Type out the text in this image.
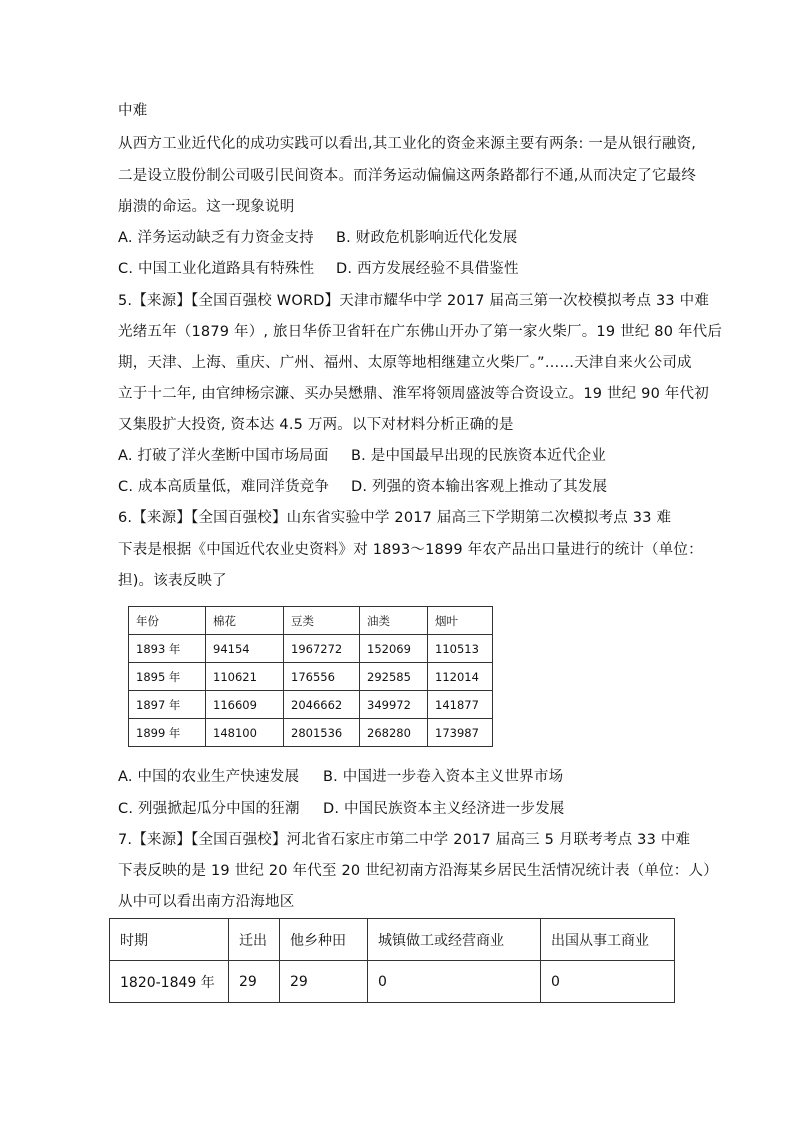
中难
从西方工业近代化的成功实践可以看出,其工业化的资金来源主要有两条: 一是从银行融资,
二是设立股份制公司吸引民间资本。而洋务运动偏偏这两条路都行不通,从而决定了它最终
崩溃的命运。这一现象说明
A. 洋务运动缺乏有力资金支持	B. 财政危机影响近代化发展
C. 中国工业化道路具有特殊性	D. 西方发展经验不具借鉴性
5.【来源】【全国百强校 WORD】天津市耀华中学 2017 届高三第一次校模拟考点 33 中难
光绪五年（1879 年）, 旅日华侨卫省轩在广东佛山开办了第一家火柴厂。19 世纪 80 年代后
期，天津、上海、重庆、广州、福州、太原等地相继建立火柴厂。”……天津自来火公司成
立于十二年, 由官绅杨宗濂、买办吴懋鼎、淮军将领周盛波等合资设立。19 世纪 90 年代初
又集股扩大投资, 资本达 4.5 万两。以下对材料分析正确的是
A. 打破了洋火垄断中国市场局面	B. 是中国最早出现的民族资本近代企业
C. 成本高质量低，难同洋货竞争	D. 列强的资本输出客观上推动了其发展
6.【来源】【全国百强校】山东省实验中学 2017 届高三下学期第二次模拟考点 33 难
下表是根据《中国近代农业史资料》对 1893～1899 年农产品出口量进行的统计（单位：
担)。该表反映了
年份	棉花	豆类	油类	烟叶
1893 年	94154	1967272	152069	110513
1895 年	110621	176556	292585	112014
1897 年	116609	2046662	349972	141877
1899 年	148100	2801536	268280	173987
A. 中国的农业生产快速发展	B. 中国进一步卷入资本主义世界市场
C. 列强掀起瓜分中国的狂潮	D. 中国民族资本主义经济进一步发展
7.【来源】【全国百强校】河北省石家庄市第二中学 2017 届高三 5 月联考考点 33 中难
下表反映的是 19 世纪 20 年代至 20 世纪初南方沿海某乡居民生活情况统计表（单位：人）
从中可以看出南方沿海地区
时期	迁出	他乡种田	城镇做工或经营商业	出国从事工商业
1820-1849 年	29	29	0	0
